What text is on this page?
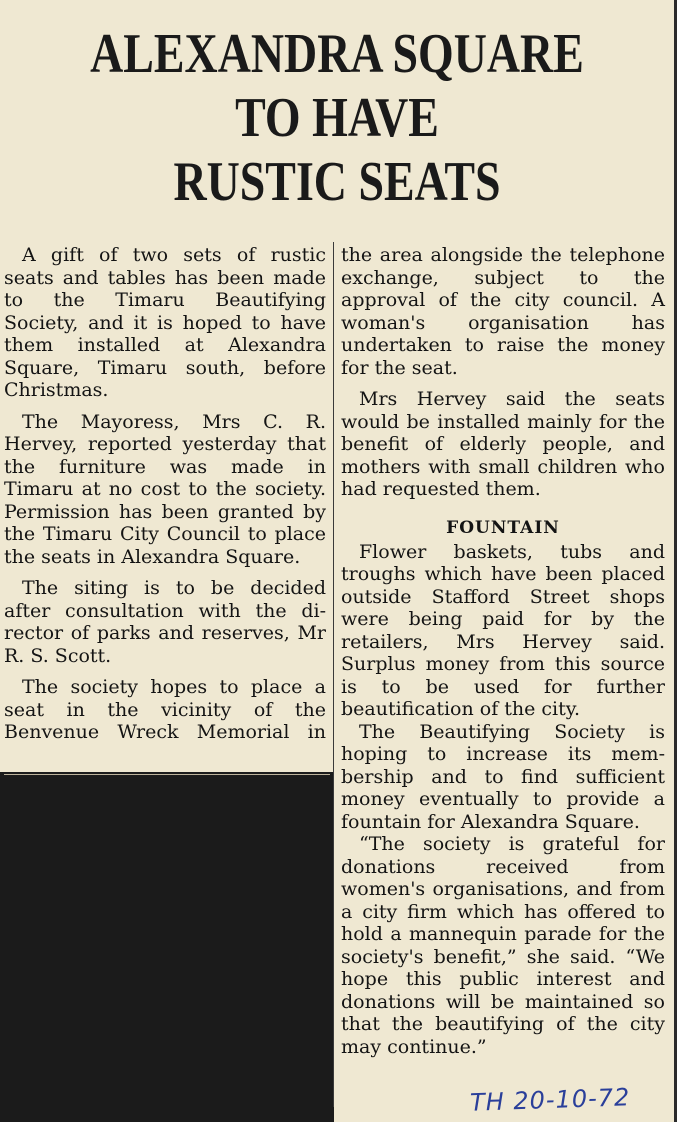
ALEXANDRA SQUARE
TO HAVE
RUSTIC SEATS

A gift of two sets of rustic seats and tables has been made to the Timaru Beautifying Society, and it is hoped to have them installed at Alexandra Square, Timaru south, before Christmas.

The Mayoress, Mrs C. R. Hervey, reported yesterday that the furniture was made in Timaru at no cost to the society. Permission has been granted by the Timaru City Council to place the seats in Alexandra Square.

The siting is to be decided after consultation with the director of parks and reserves, Mr R. S. Scott.

The society hopes to place a seat in the vicinity of the Benvenue Wreck Memorial in

the area alongside the telephone exchange, subject to the approval of the city council. A woman's organisation has undertaken to raise the money for the seat.

Mrs Hervey said the seats would be installed mainly for the benefit of elderly people, and mothers with small children who had requested them.

FOUNTAIN

Flower baskets, tubs and troughs which have been placed outside Stafford Street shops were being paid for by the retailers, Mrs Hervey said. Surplus money from this source is to be used for further beautification of the city.

The Beautifying Society is hoping to increase its membership and to find sufficient money eventually to provide a fountain for Alexandra Square.

“The society is grateful for donations received from women's organisations, and from a city firm which has offered to hold a mannequin parade for the society's benefit,” she said. “We hope this public interest and donations will be maintained so that the beautifying of the city may continue.”

TH 20-10-72
